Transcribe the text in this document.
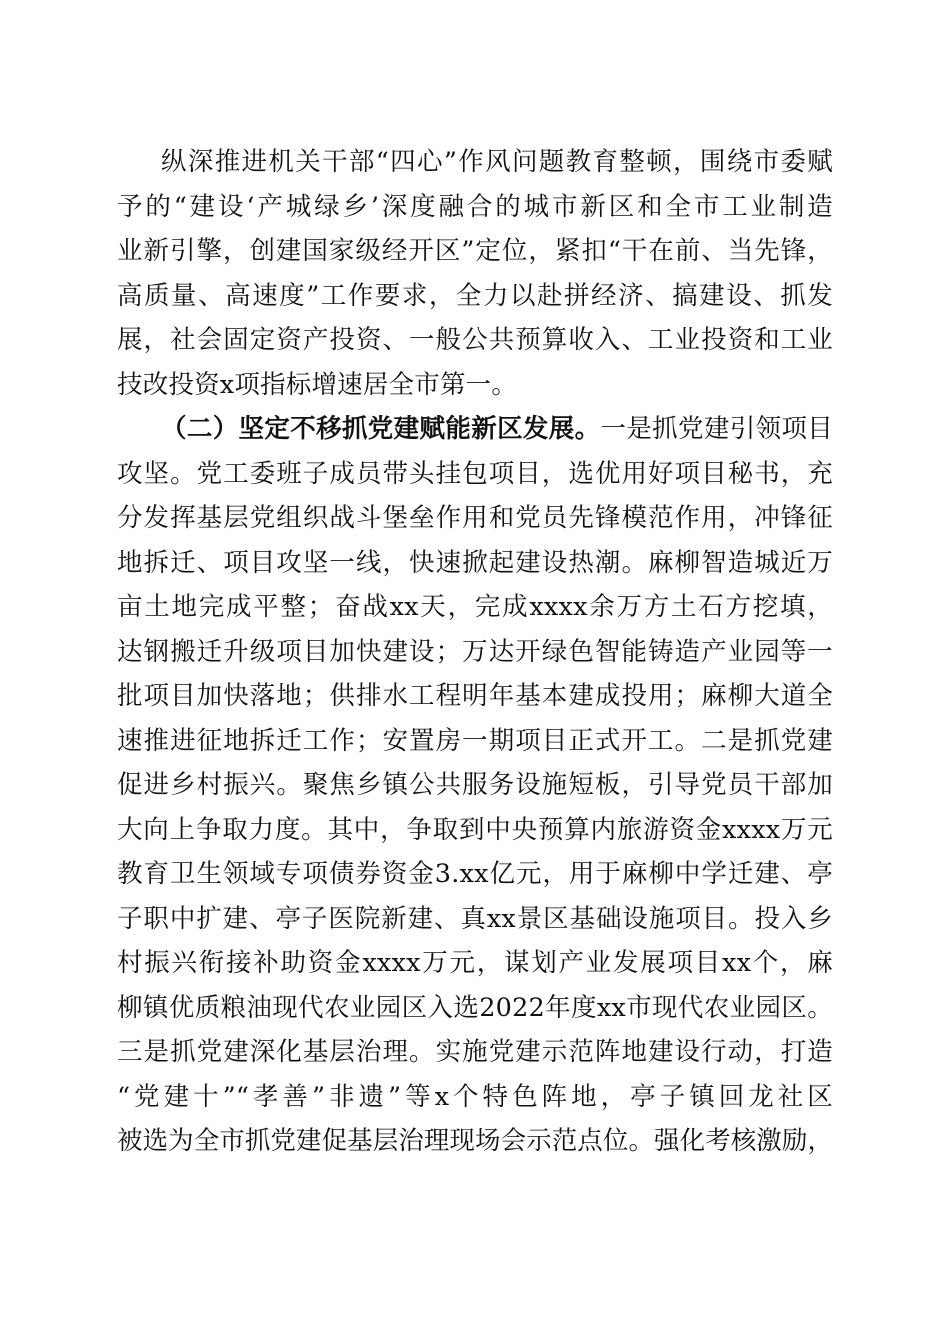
纵深推进机关干部“四心”作风问题教育整顿，围绕市委赋
予的“建设‘产城绿乡’深度融合的城市新区和全市工业制造
业新引擎，创建国家级经开区”定位，紧扣“干在前、当先锋，
高质量、高速度”工作要求，全力以赴拼经济、搞建设、抓发
展，社会固定资产投资、一般公共预算收入、工业投资和工业
技改投资x项指标增速居全市第一。
（二）坚定不移抓党建赋能新区发展。一是抓党建引领项目
攻坚。党工委班子成员带头挂包项目，选优用好项目秘书，充
分发挥基层党组织战斗堡垒作用和党员先锋模范作用，冲锋征
地拆迁、项目攻坚一线，快速掀起建设热潮。麻柳智造城近万
亩土地完成平整；奋战xx天，完成xxxx余万方土石方挖填，
达钢搬迁升级项目加快建设；万达开绿色智能铸造产业园等一
批项目加快落地；供排水工程明年基本建成投用；麻柳大道全
速推进征地拆迁工作；安置房一期项目正式开工。二是抓党建
促进乡村振兴。聚焦乡镇公共服务设施短板，引导党员干部加
大向上争取力度。其中，争取到中央预算内旅游资金xxxx万元
教育卫生领域专项债券资金3.xx亿元，用于麻柳中学迁建、亭
子职中扩建、亭子医院新建、真xx景区基础设施项目。投入乡
村振兴衔接补助资金xxxx万元，谋划产业发展项目xx个，麻
柳镇优质粮油现代农业园区入选2022年度xx市现代农业园区。
三是抓党建深化基层治理。实施党建示范阵地建设行动，打造
“党建十”“孝善”非遗”等x个特色阵地，亭子镇回龙社区
被选为全市抓党建促基层治理现场会示范点位。强化考核激励，
